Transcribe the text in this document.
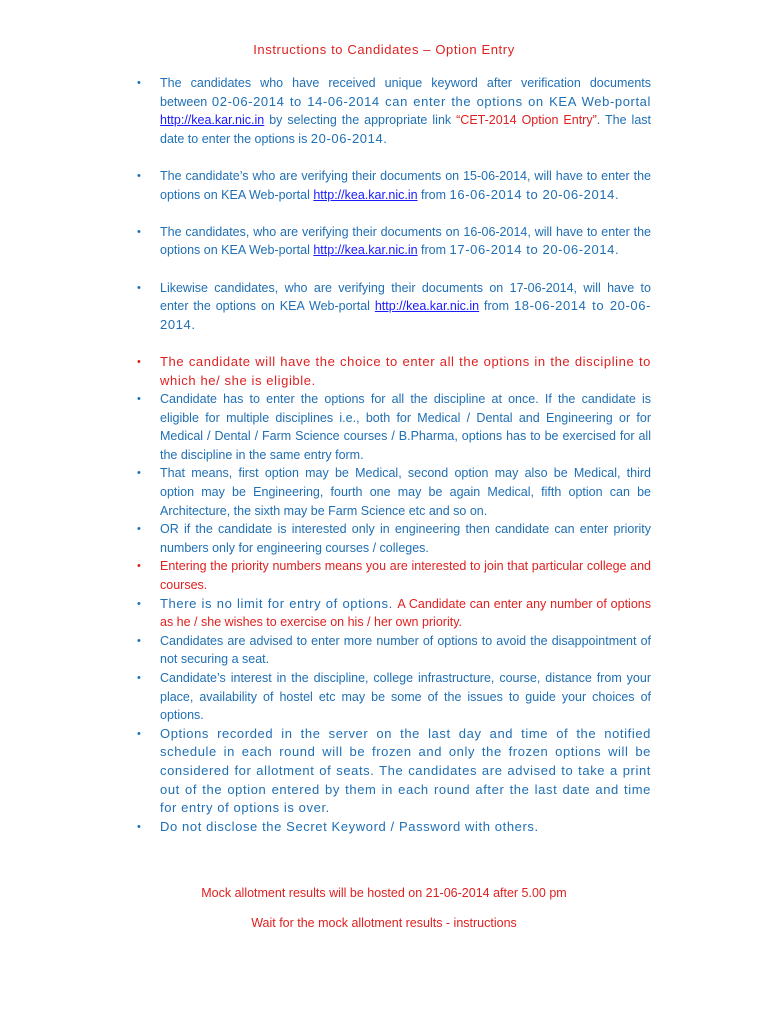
Instructions to Candidates – Option Entry
• The candidates who have received unique keyword after verification documents between 02-06-2014 to 14-06-2014 can enter the options on KEA Web-portal http://kea.kar.nic.in by selecting the appropriate link “CET-2014 Option Entry”. The last date to enter the options is 20-06-2014.
• The candidate’s who are verifying their documents on 15-06-2014, will have to enter the options on KEA Web-portal http://kea.kar.nic.in from 16-06-2014 to 20-06-2014.
• The candidates, who are verifying their documents on 16-06-2014, will have to enter the options on KEA Web-portal http://kea.kar.nic.in from 17-06-2014 to 20-06-2014.
• Likewise candidates, who are verifying their documents on 17-06-2014, will have to enter the options on KEA Web-portal http://kea.kar.nic.in from 18-06-2014 to 20-06-2014.
• The candidate will have the choice to enter all the options in the discipline to which he/ she is eligible.
• Candidate has to enter the options for all the discipline at once. If the candidate is eligible for multiple disciplines i.e., both for Medical / Dental and Engineering or for Medical / Dental / Farm Science courses / B.Pharma, options has to be exercised for all the discipline in the same entry form.
• That means, first option may be Medical, second option may also be Medical, third option may be Engineering, fourth one may be again Medical, fifth option can be Architecture, the sixth may be Farm Science etc and so on.
• OR if the candidate is interested only in engineering then candidate can enter priority numbers only for engineering courses / colleges.
• Entering the priority numbers means you are interested to join that particular college and courses.
• There is no limit for entry of options. A Candidate can enter any number of options as he / she wishes to exercise on his / her own priority.
• Candidates are advised to enter more number of options to avoid the disappointment of not securing a seat.
• Candidate’s interest in the discipline, college infrastructure, course, distance from your place, availability of hostel etc may be some of the issues to guide your choices of options.
• Options recorded in the server on the last day and time of the notified schedule in each round will be frozen and only the frozen options will be considered for allotment of seats. The candidates are advised to take a print out of the option entered by them in each round after the last date and time for entry of options is over.
• Do not disclose the Secret Keyword / Password with others.
Mock allotment results will be hosted on 21-06-2014 after 5.00 pm
Wait for the mock allotment results - instructions
